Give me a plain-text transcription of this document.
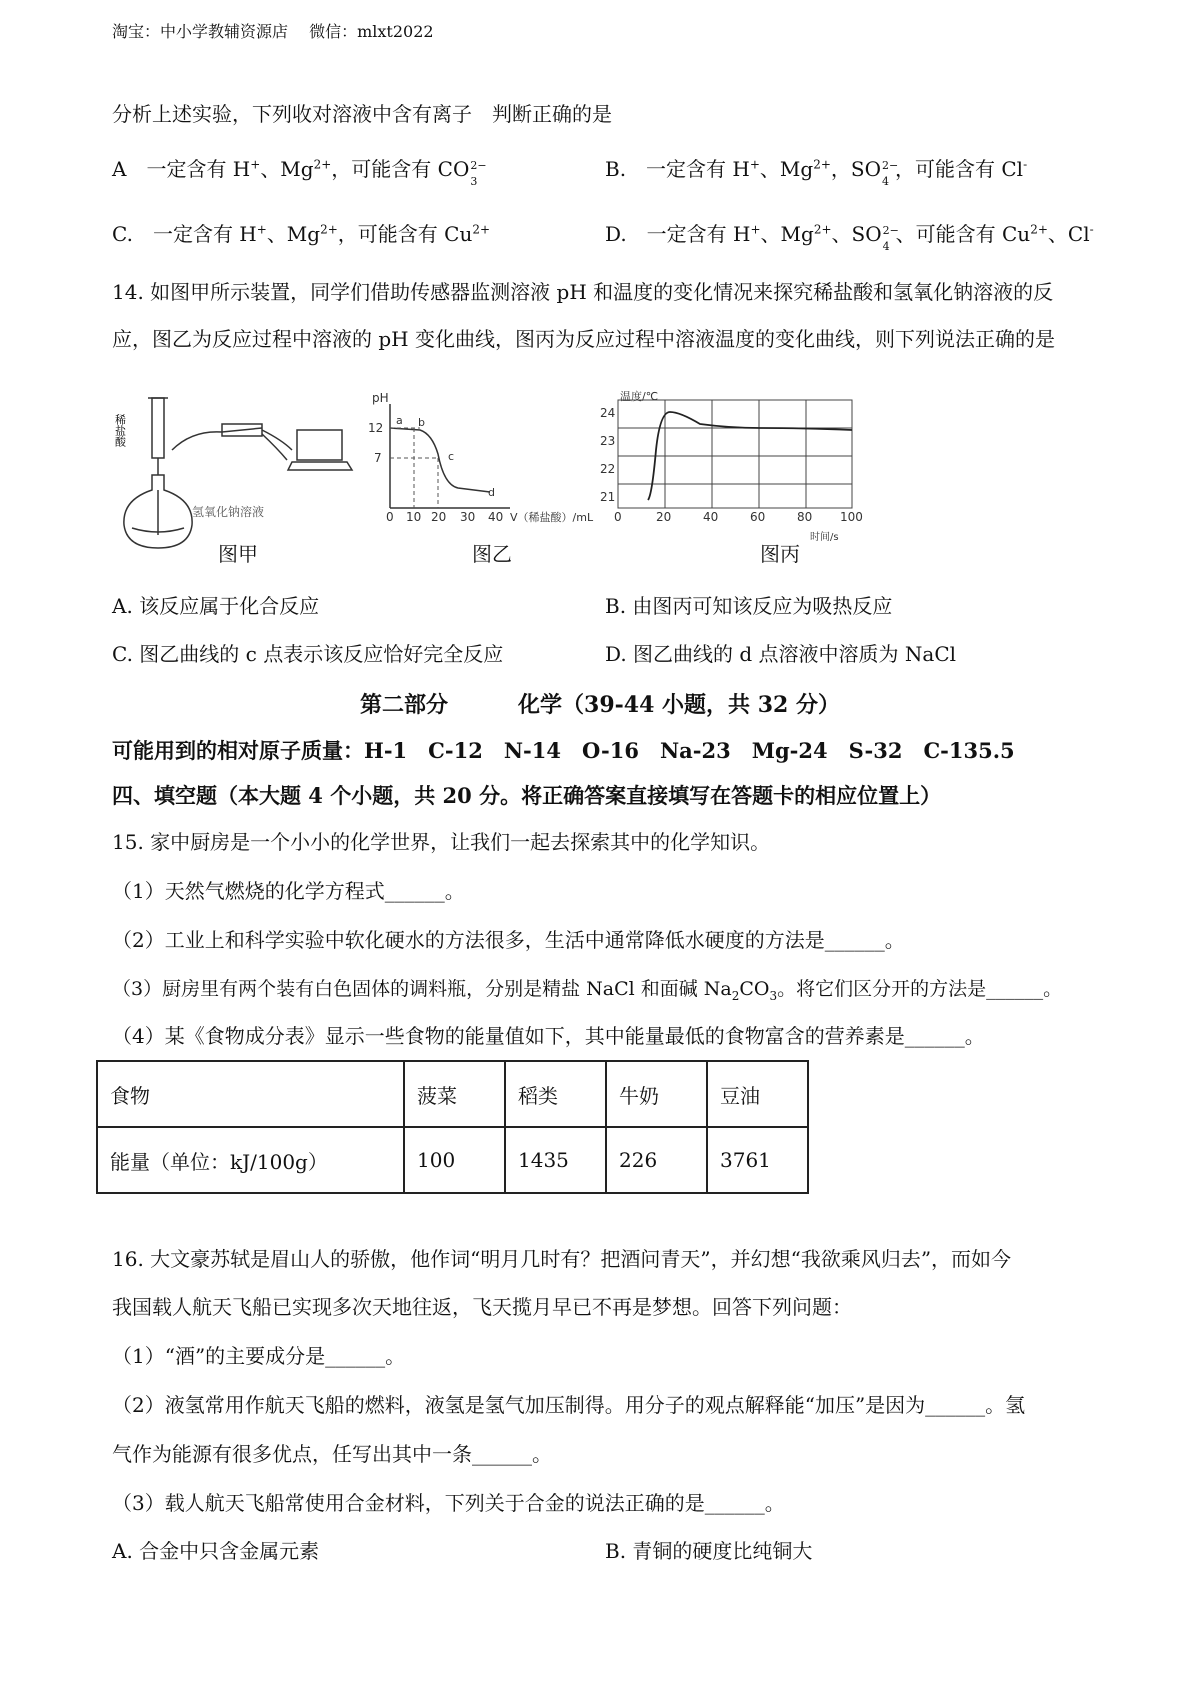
淘宝：中小学教辅资源店　 微信：mlxt2022
分析上述实验，下列收对溶液中含有离子　判断正确的是
A　一定含有 H+、$Mg^{2+}$，可能含有 CO 2−
3
B.　一定含有 H+、$Mg^{2+}$，SO 2−
4
，可能含有 Cl-
C.　一定含有 H+、$Mg^{2+}$，可能含有 $Cu^{2+}$	D.　一定含有 H+、$Mg^{2+}$、SO 2−
4
、可能含有 $Cu^{2+}$、Cl-
14. 如图甲所示装置，同学们借助传感器监测溶液 pH 和温度的变化情况来探究稀盐酸和氢氧化钠溶液的反
应，图乙为反应过程中溶液的 pH 变化曲线，图丙为反应过程中溶液温度的变化曲线，则下列说法正确的是
稀盐酸
氢氧化钠溶液
pH
12
7
0 10 20 30 40 V（稀盐酸）/mL
a b
c
d
温度/℃
24
23
22
21
0	20	40	60	80 100
时间/s
图甲	图乙	图丙
A. 该反应属于化合反应	B. 由图丙可知该反应为吸热反应
C. 图乙曲线的 c 点表示该反应恰好完全反应	D. 图乙曲线的 d 点溶液中溶质为 NaCl
第二部分	化学（39-44 小题，共 32 分）
可能用到的相对原子质量：H-1　C-12　N-14　O-16　Na-23　Mg-24　S-32　C-135.5
四、填空题（本大题 4 个小题，共 20 分。将正确答案直接填写在答题卡的相应位置上）
15. 家中厨房是一个小小的化学世界，让我们一起去探索其中的化学知识。
（1）天然气燃烧的化学方程式______。
（2）工业上和科学实验中软化硬水的方法很多，生活中通常降低水硬度的方法是______。
（3）厨房里有两个装有白色固体的调料瓶，分别是精盐 NaCl 和面碱 $Na_2CO_3$。将它们区分开的方法是______。
（4）某《食物成分表》显示一些食物的能量值如下，其中能量最低的食物富含的营养素是______。
食物	菠菜	稻类	牛奶	豆油
能量（单位：kJ/100g）	100	1435	226	3761
16. 大文豪苏轼是眉山人的骄傲，他作词“明月几时有？把酒问青天”，并幻想“我欲乘风归去”，而如今
我国载人航天飞船已实现多次天地往返，飞天揽月早已不再是梦想。回答下列问题：
（1）“酒”的主要成分是______。
（2）液氢常用作航天飞船的燃料，液氢是氢气加压制得。用分子的观点解释能“加压”是因为______。氢
气作为能源有很多优点，任写出其中一条______。
（3）载人航天飞船常使用合金材料，下列关于合金的说法正确的是______。
A. 合金中只含金属元素	B. 青铜的硬度比纯铜大
